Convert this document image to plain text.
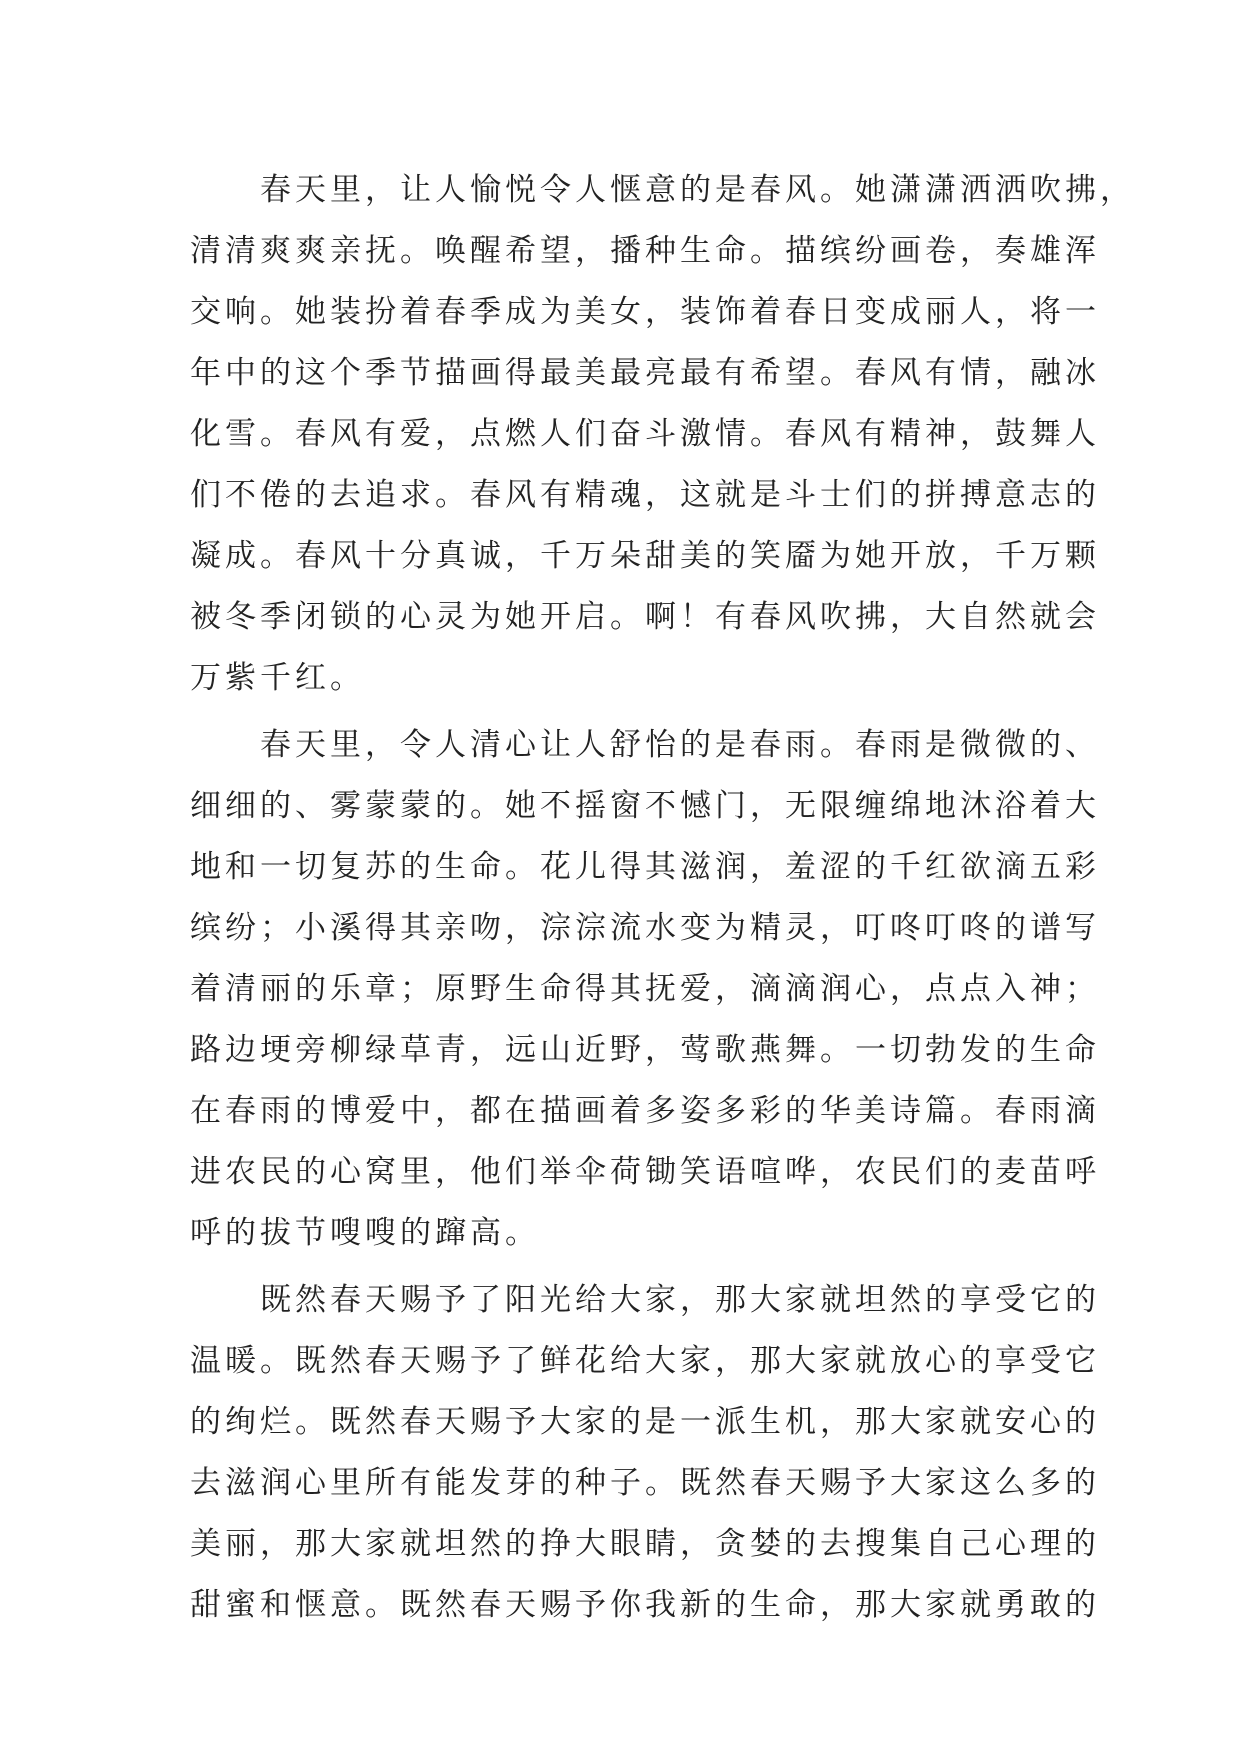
春天里，让人愉悦令人惬意的是春风。她潇潇洒洒吹拂，
清清爽爽亲抚。唤醒希望，播种生命。描缤纷画卷，奏雄浑
交响。她装扮着春季成为美女，装饰着春日变成丽人，将一
年中的这个季节描画得最美最亮最有希望。春风有情，融冰
化雪。春风有爱，点燃人们奋斗激情。春风有精神，鼓舞人
们不倦的去追求。春风有精魂，这就是斗士们的拼搏意志的
凝成。春风十分真诚，千万朵甜美的笑靥为她开放，千万颗
被冬季闭锁的心灵为她开启。啊！有春风吹拂，大自然就会
万紫千红。
春天里，令人清心让人舒怡的是春雨。春雨是微微的、
细细的、雾蒙蒙的。她不摇窗不憾门，无限缠绵地沐浴着大
地和一切复苏的生命。花儿得其滋润，羞涩的千红欲滴五彩
缤纷；小溪得其亲吻，淙淙流水变为精灵，叮咚叮咚的谱写
着清丽的乐章；原野生命得其抚爱，滴滴润心，点点入神；
路边埂旁柳绿草青，远山近野，莺歌燕舞。一切勃发的生命
在春雨的博爱中，都在描画着多姿多彩的华美诗篇。春雨滴
进农民的心窝里，他们举伞荷锄笑语喧哗，农民们的麦苗呼
呼的拔节嗖嗖的蹿高。
既然春天赐予了阳光给大家，那大家就坦然的享受它的
温暖。既然春天赐予了鲜花给大家，那大家就放心的享受它
的绚烂。既然春天赐予大家的是一派生机，那大家就安心的
去滋润心里所有能发芽的种子。既然春天赐予大家这么多的
美丽，那大家就坦然的挣大眼睛，贪婪的去搜集自己心理的
甜蜜和惬意。既然春天赐予你我新的生命，那大家就勇敢的
